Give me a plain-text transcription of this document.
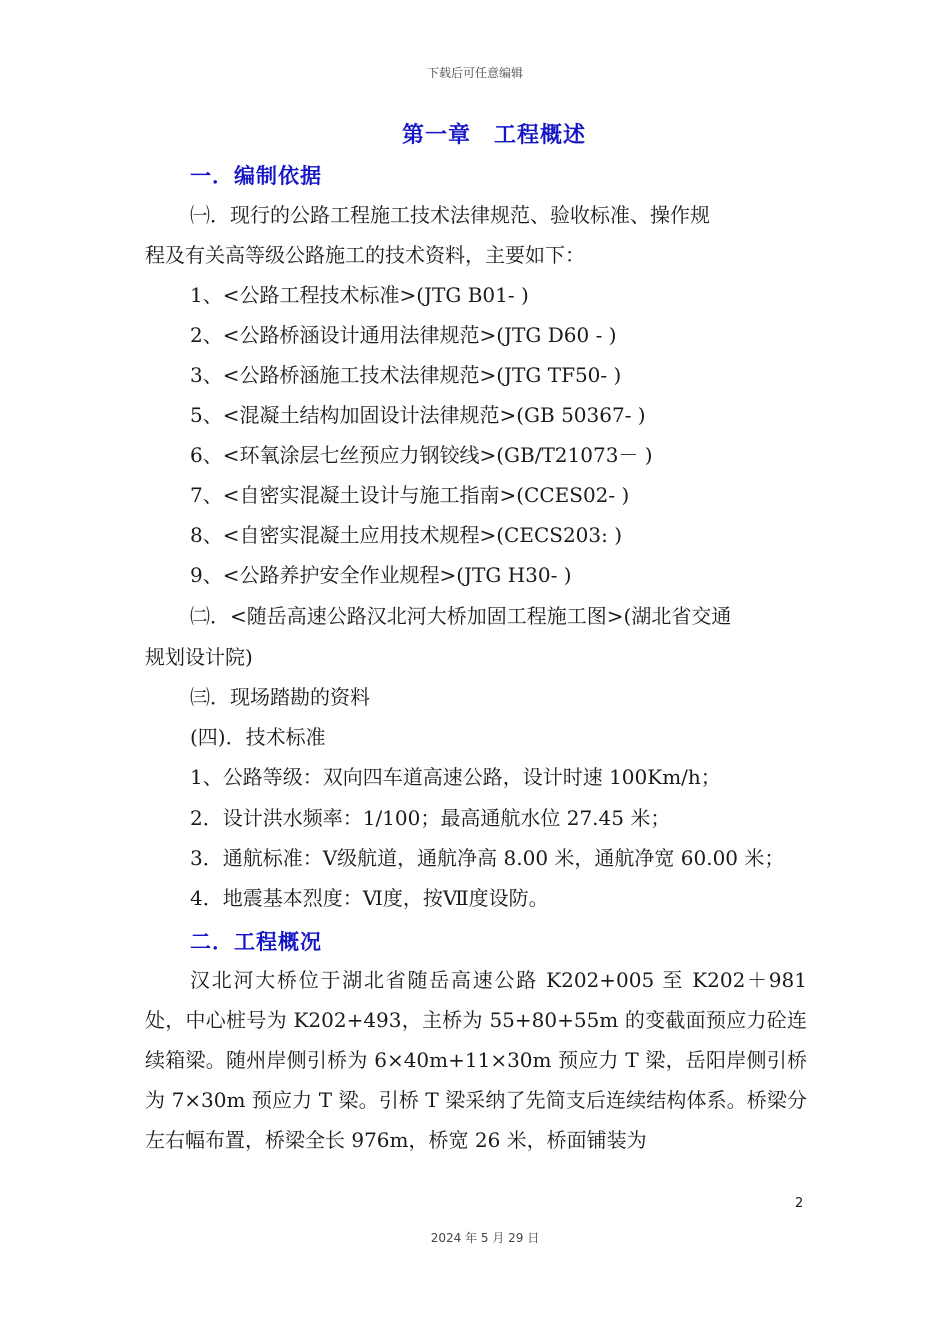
下载后可任意编辑
第一章　工程概述
一．编制依据
㈠．现行的公路工程施工技术法律规范、验收标准、操作规
程及有关高等级公路施工的技术资料，主要如下：
1、<公路工程技术标准>(JTG B01- )
2、<公路桥涵设计通用法律规范>(JTG D60 - )
3、<公路桥涵施工技术法律规范>(JTG TF50- )
5、<混凝土结构加固设计法律规范>(GB 50367- )
6、<环氧涂层七丝预应力钢铰线>(GB/T21073－ )
7、<自密实混凝土设计与施工指南>(CCES02- )
8、<自密实混凝土应用技术规程>(CECS203: )
9、<公路养护安全作业规程>(JTG H30- )
㈡．<随岳高速公路汉北河大桥加固工程施工图>(湖北省交通
规划设计院)
㈢．现场踏勘的资料
(四)．技术标准
1、公路等级：双向四车道高速公路，设计时速 100Km/h；
2．设计洪水频率：1/100；最高通航水位 27.45 米；
3．通航标准：Ⅴ级航道，通航净高 8.00 米，通航净宽 60.00 米；
4．地震基本烈度：Ⅵ度，按Ⅶ度设防。
二．工程概况
汉北河大桥位于湖北省随岳高速公路 K202+005 至 K202＋981 处，中心桩号为 K202+493，主桥为 55+80+55m 的变截面预应力砼连续箱梁。随州岸侧引桥为 6×40m+11×30m 预应力 T 梁，岳阳岸侧引桥为 7×30m 预应力 T 梁。引桥 T 梁采纳了先简支后连续结构体系。桥梁分左右幅布置，桥梁全长 976m，桥宽 26 米，桥面铺装为
2
2024 年 5 月 29 日
